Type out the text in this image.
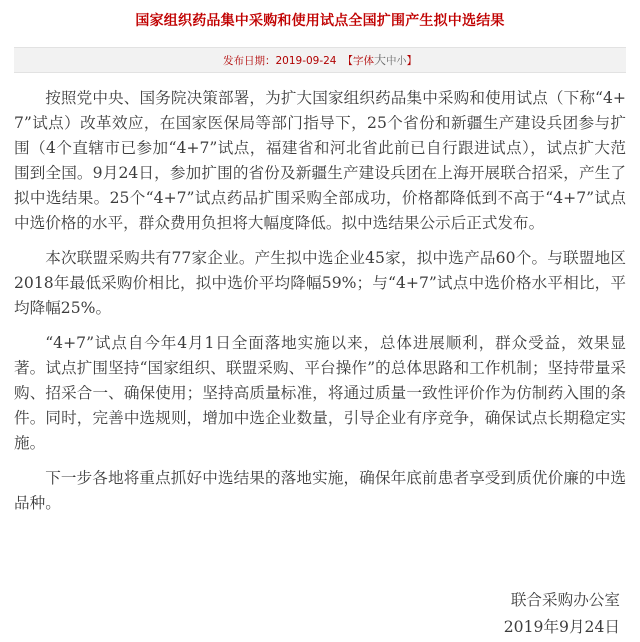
国家组织药品集中采购和使用试点全国扩围产生拟中选结果
发布日期：2019-09-24 【字体大中小】

按照党中央、国务院决策部署，为扩大国家组织药品集中采购和使用试点（下称“4+7”试点）改革效应，在国家医保局等部门指导下，25个省份和新疆生产建设兵团参与扩围（4个直辖市已参加“4+7”试点，福建省和河北省此前已自行跟进试点），试点扩大范围到全国。9月24日，参加扩围的省份及新疆生产建设兵团在上海开展联合招采，产生了拟中选结果。25个“4+7”试点药品扩围采购全部成功，价格都降低到不高于“4+7”试点中选价格的水平，群众费用负担将大幅度降低。拟中选结果公示后正式发布。

本次联盟采购共有77家企业。产生拟中选企业45家，拟中选产品60个。与联盟地区2018年最低采购价相比，拟中选价平均降幅59%；与“4+7”试点中选价格水平相比，平均降幅25%。

“4+7”试点自今年4月1日全面落地实施以来，总体进展顺利，群众受益，效果显著。试点扩围坚持“国家组织、联盟采购、平台操作”的总体思路和工作机制；坚持带量采购、招采合一、确保使用；坚持高质量标准，将通过质量一致性评价作为仿制药入围的条件。同时，完善中选规则，增加中选企业数量，引导企业有序竞争，确保试点长期稳定实施。

下一步各地将重点抓好中选结果的落地实施，确保年底前患者享受到质优价廉的中选品种。

联合采购办公室
2019年9月24日
